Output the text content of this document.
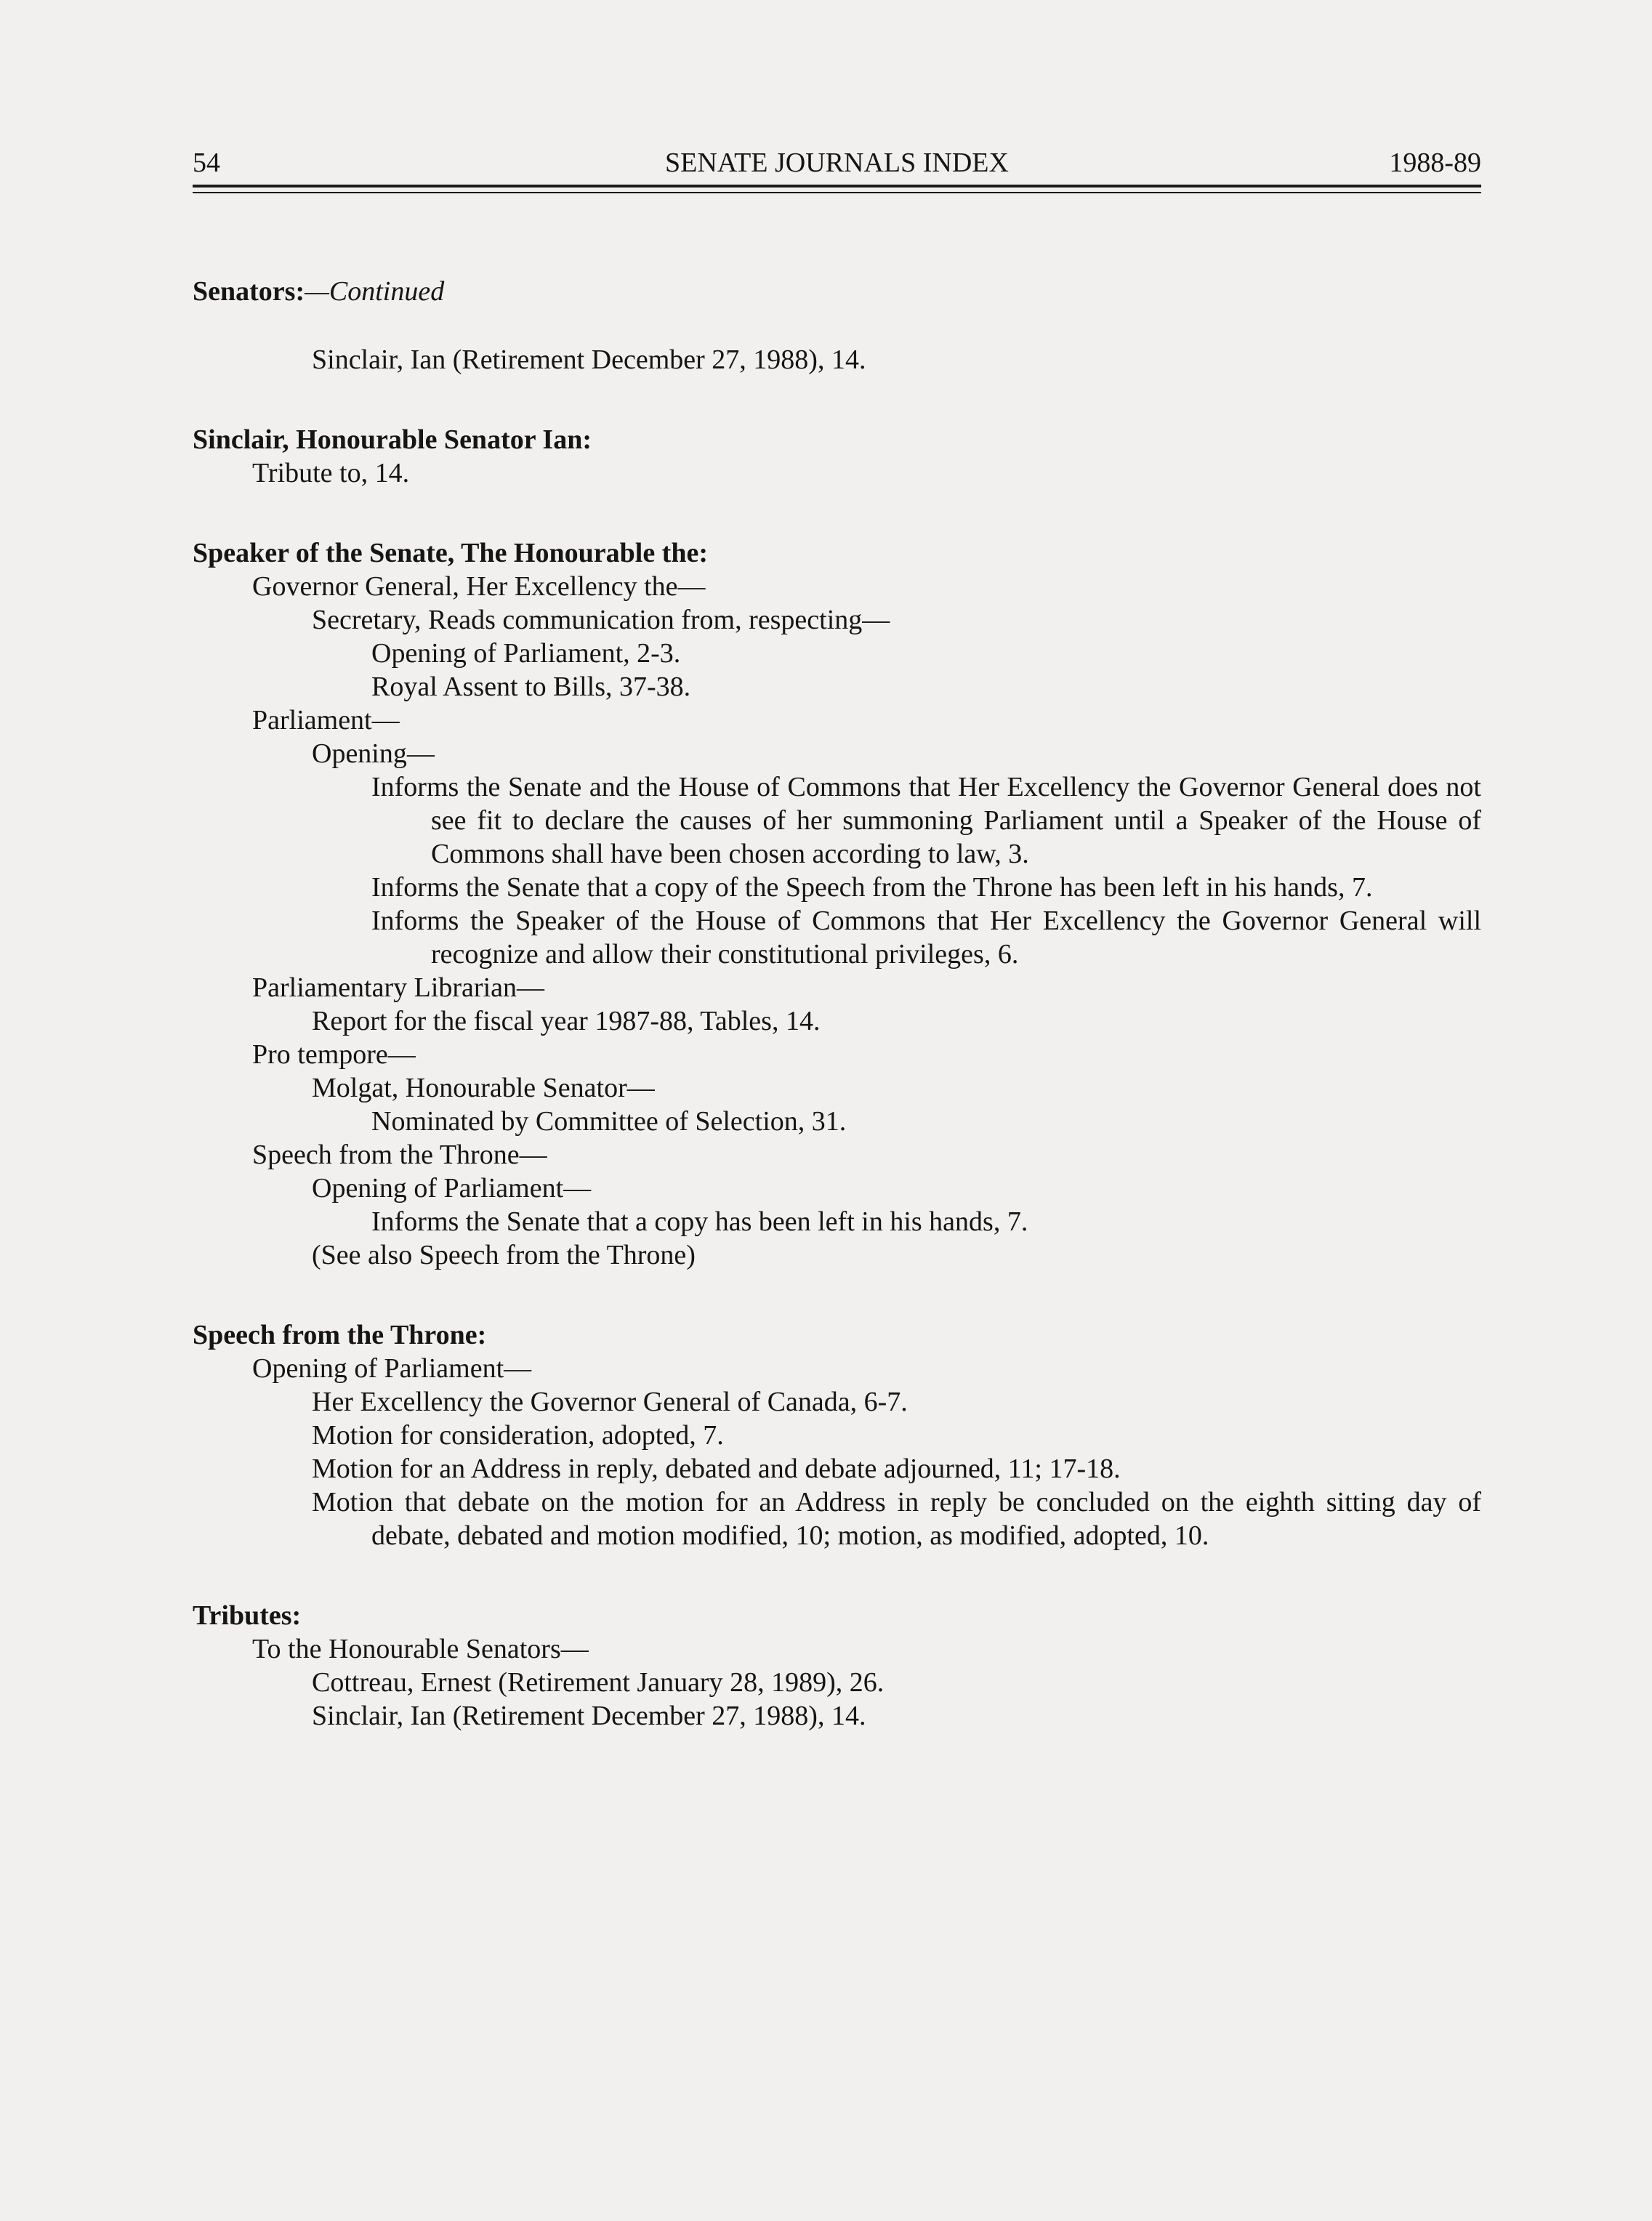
SENATE JOURNALS INDEX
54	1988-89
Senators:—Continued
Sinclair, Ian (Retirement December 27, 1988), 14.
Sinclair, Honourable Senator Ian:
Tribute to, 14.
Speaker of the Senate, The Honourable the:
Governor General, Her Excellency the—
Secretary, Reads communication from, respecting—
Opening of Parliament, 2-3.
Royal Assent to Bills, 37-38.
Parliament—
Opening—
Informs the Senate and the House of Commons that Her Excellency the Governor General does not see fit to declare the causes of her summoning Parliament until a Speaker of the House of Commons shall have been chosen according to law, 3.
Informs the Senate that a copy of the Speech from the Throne has been left in his hands, 7.
Informs the Speaker of the House of Commons that Her Excellency the Governor General will recognize and allow their constitutional privileges, 6.
Parliamentary Librarian—
Report for the fiscal year 1987-88, Tables, 14.
Pro tempore—
Molgat, Honourable Senator—
Nominated by Committee of Selection, 31.
Speech from the Throne—
Opening of Parliament—
Informs the Senate that a copy has been left in his hands, 7.
(See also Speech from the Throne)
Speech from the Throne:
Opening of Parliament—
Her Excellency the Governor General of Canada, 6-7.
Motion for consideration, adopted, 7.
Motion for an Address in reply, debated and debate adjourned, 11; 17-18.
Motion that debate on the motion for an Address in reply be concluded on the eighth sitting day of debate, debated and motion modified, 10; motion, as modified, adopted, 10.
Tributes:
To the Honourable Senators—
Cottreau, Ernest (Retirement January 28, 1989), 26.
Sinclair, Ian (Retirement December 27, 1988), 14.
